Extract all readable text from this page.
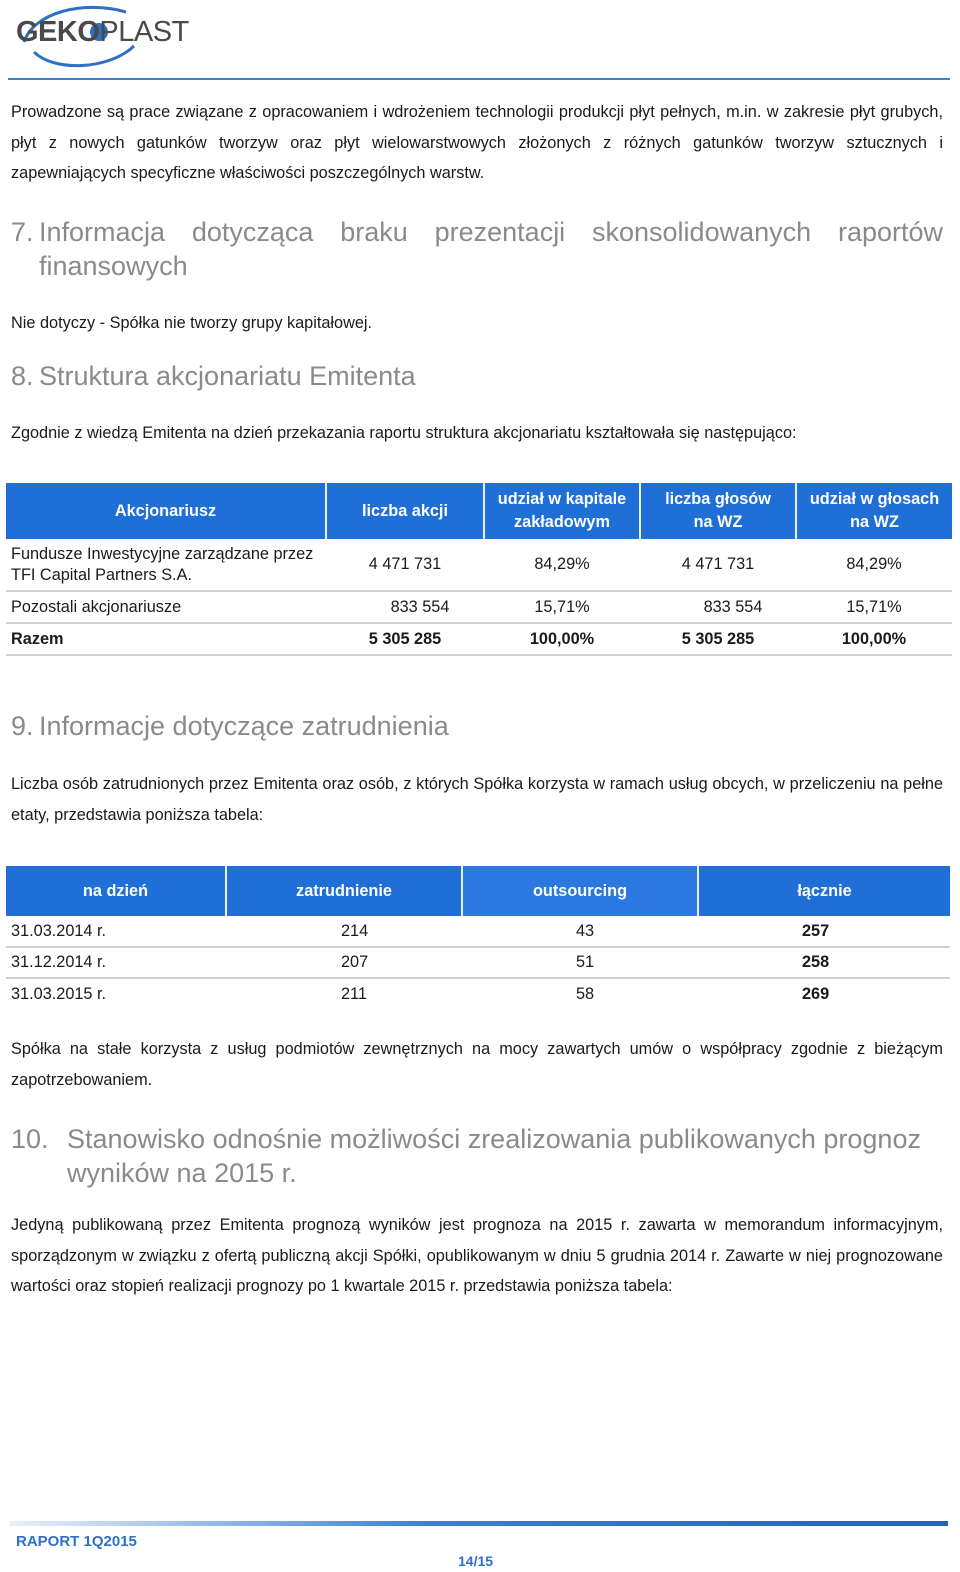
GEKOPLAST

Prowadzone są prace związane z opracowaniem i wdrożeniem technologii produkcji płyt pełnych, m.in. w zakresie płyt grubych, płyt z nowych gatunków tworzyw oraz płyt wielowarstwowych złożonych z różnych gatunków tworzyw sztucznych i zapewniających specyficzne właściwości poszczególnych warstw.

7. Informacja dotycząca braku prezentacji skonsolidowanych raportów finansowych

Nie dotyczy - Spółka nie tworzy grupy kapitałowej.

8. Struktura akcjonariatu Emitenta

Zgodnie z wiedzą Emitenta na dzień przekazania raportu struktura akcjonariatu kształtowała się następująco:

Akcjonariusz	liczba akcji	udział w kapitale zakładowym	liczba głosów na WZ	udział w głosach na WZ

Fundusze Inwestycyjne zarządzane przez TFI Capital Partners S.A.	4 471 731	84,29%	4 471 731	84,29%
Pozostali akcjonariusze	833 554	15,71%	833 554	15,71%
Razem	5 305 285	100,00%	5 305 285	100,00%
9. Informacje dotyczące zatrudnienia

Liczba osób zatrudnionych przez Emitenta oraz osób, z których Spółka korzysta w ramach usług obcych, w przeliczeniu na pełne etaty, przedstawia poniższa tabela:

na dzień	zatrudnienie	outsourcing	łącznie
31.03.2014 r.	214	43	257
31.12.2014 r.	207	51	258
31.03.2015 r.	211	58	269

Spółka na stałe korzysta z usług podmiotów zewnętrznych na mocy zawartych umów o współpracy zgodnie z bieżącym zapotrzebowaniem.

10. Stanowisko odnośnie możliwości zrealizowania publikowanych prognoz wyników na 2015 r.

Jedyną publikowaną przez Emitenta prognozą wyników jest prognoza na 2015 r. zawarta w memorandum informacyjnym, sporządzonym w związku z ofertą publiczną akcji Spółki, opublikowanym w dniu 5 grudnia 2014 r. Zawarte w niej prognozowane wartości oraz stopień realizacji prognozy po 1 kwartale 2015 r. przedstawia poniższa tabela:

RAPORT 1Q2015
14/15
